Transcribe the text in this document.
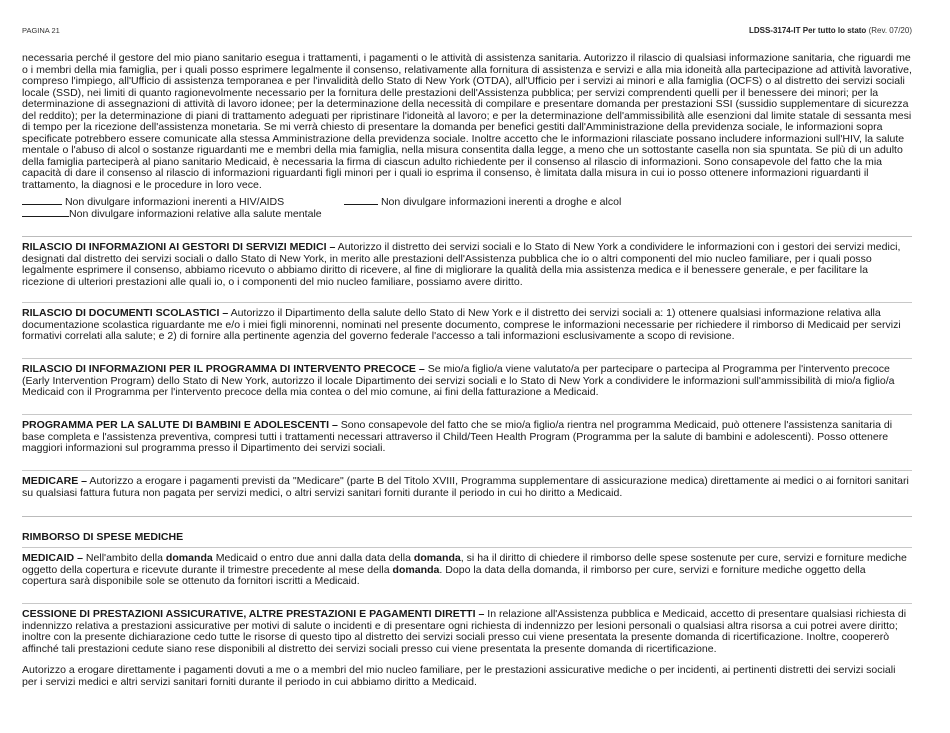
PAGINA 21	LDSS-3174-IT Per tutto lo stato (Rev. 07/20)

necessaria perché il gestore del mio piano sanitario esegua i trattamenti, i pagamenti o le attività di assistenza sanitaria. Autorizzo il rilascio di qualsiasi informazione sanitaria, che riguardi me o i membri della mia famiglia, per i quali posso esprimere legalmente il consenso, relativamente alla fornitura di assistenza e servizi e alla mia idoneità alla partecipazione ad attività lavorative, compreso l'impiego, all'Ufficio di assistenza temporanea e per l'invalidità dello Stato di New York (OTDA), all'Ufficio per i servizi ai minori e alla famiglia (OCFS) o al distretto dei servizi sociali locale (SSD), nei limiti di quanto ragionevolmente necessario per la fornitura delle prestazioni dell'Assistenza pubblica; per servizi comprendenti quelli per il benessere dei minori; per la determinazione di assegnazioni di attività di lavoro idonee; per la determinazione della necessità di compilare e presentare domanda per prestazioni SSI (sussidio supplementare di sicurezza del reddito); per la determinazione di piani di trattamento adeguati per ripristinare l'idoneità al lavoro; e per la determinazione dell'ammissibilità alle esenzioni dal limite statale di sessanta mesi di tempo per la ricezione dell'assistenza monetaria. Se mi verrà chiesto di presentare la domanda per benefici gestiti dall'Amministrazione della previdenza sociale, le informazioni sopra specificate potrebbero essere comunicate alla stessa Amministrazione della previdenza sociale. Inoltre accetto che le informazioni rilasciate possano includere informazioni sull'HIV, la salute mentale o l'abuso di alcol o sostanze riguardanti me e membri della mia famiglia, nella misura consentita dalla legge, a meno che un sottostante casella non sia spuntata. Se più di un adulto della famiglia parteciperà al piano sanitario Medicaid, è necessaria la firma di ciascun adulto richiedente per il consenso al rilascio di informazioni. Sono consapevole del fatto che la mia capacità di dare il consenso al rilascio di informazioni riguardanti figli minori per i quali io esprima il consenso, è limitata dalla misura in cui io posso ottenere informazioni riguardanti il trattamento, la diagnosi e le procedure in loro vece.

Non divulgare informazioni inerenti a HIV/AIDS	Non divulgare informazioni inerenti a droghe e alcol
Non divulgare informazioni relative alla salute mentale
RILASCIO DI INFORMAZIONI AI GESTORI DI SERVIZI MEDICI – Autorizzo il distretto dei servizi sociali e lo Stato di New York a condividere le informazioni con i gestori dei servizi medici, designati dal distretto dei servizi sociali o dallo Stato di New York, in merito alle prestazioni dell'Assistenza pubblica che io o altri componenti del mio nucleo familiare, per i quali posso legalmente esprimere il consenso, abbiamo ricevuto o abbiamo diritto di ricevere, al fine di migliorare la qualità della mia assistenza medica e il benessere generale, e per facilitare la ricezione di ulteriori prestazioni alle quali io, o i componenti del mio nucleo familiare, possiamo avere diritto.
RILASCIO DI DOCUMENTI SCOLASTICI – Autorizzo il Dipartimento della salute dello Stato di New York e il distretto dei servizi sociali a: 1) ottenere qualsiasi informazione relativa alla documentazione scolastica riguardante me e/o i miei figli minorenni, nominati nel presente documento, comprese le informazioni necessarie per richiedere il rimborso di Medicaid per servizi formativi correlati alla salute; e 2) di fornire alla pertinente agenzia del governo federale l'accesso a tali informazioni esclusivamente a scopo di revisione.
RILASCIO DI INFORMAZIONI PER IL PROGRAMMA DI INTERVENTO PRECOCE – Se mio/a figlio/a viene valutato/a per partecipare o partecipa al Programma per l'intervento precoce (Early Intervention Program) dello Stato di New York, autorizzo il locale Dipartimento dei servizi sociali e lo Stato di New York a condividere le informazioni sull'ammissibilità di mio/a figlio/a Medicaid con il Programma per l'intervento precoce della mia contea o del mio comune, ai fini della fatturazione a Medicaid.
PROGRAMMA PER LA SALUTE DI BAMBINI E ADOLESCENTI – Sono consapevole del fatto che se mio/a figlio/a rientra nel programma Medicaid, può ottenere l'assistenza sanitaria di base completa e l'assistenza preventiva, compresi tutti i trattamenti necessari attraverso il Child/Teen Health Program (Programma per la salute di bambini e adolescenti). Posso ottenere maggiori informazioni sul programma presso il Dipartimento dei servizi sociali.
MEDICARE – Autorizzo a erogare i pagamenti previsti da "Medicare" (parte B del Titolo XVIII, Programma supplementare di assicurazione medica) direttamente ai medici o ai fornitori sanitari su qualsiasi fattura futura non pagata per servizi medici, o altri servizi sanitari forniti durante il periodo in cui ho diritto a Medicaid.
RIMBORSO DI SPESE MEDICHE
MEDICAID – Nell'ambito della domanda Medicaid o entro due anni dalla data della domanda, si ha il diritto di chiedere il rimborso delle spese sostenute per cure, servizi e forniture mediche oggetto della copertura e ricevute durante il trimestre precedente al mese della domanda. Dopo la data della domanda, il rimborso per cure, servizi e forniture mediche oggetto della copertura sarà disponibile sole se ottenuto da fornitori iscritti a Medicaid.

CESSIONE DI PRESTAZIONI ASSICURATIVE, ALTRE PRESTAZIONI E PAGAMENTI DIRETTI – In relazione all'Assistenza pubblica e Medicaid, accetto di presentare qualsiasi richiesta di indennizzo relativa a prestazioni assicurative per motivi di salute o incidenti e di presentare ogni richiesta di indennizzo per lesioni personali o qualsiasi altra risorsa a cui potrei avere diritto; inoltre con la presente dichiarazione cedo tutte le risorse di questo tipo al distretto dei servizi sociali presso cui viene presentata la presente domanda di ricertificazione. Inoltre, coopererò affinché tali prestazioni cedute siano rese disponibili al distretto dei servizi sociali presso cui viene presentata la presente domanda di ricertificazione.

Autorizzo a erogare direttamente i pagamenti dovuti a me o a membri del mio nucleo familiare, per le prestazioni assicurative mediche o per incidenti, ai pertinenti distretti dei servizi sociali per i servizi medici e altri servizi sanitari forniti durante il periodo in cui abbiamo diritto a Medicaid.
